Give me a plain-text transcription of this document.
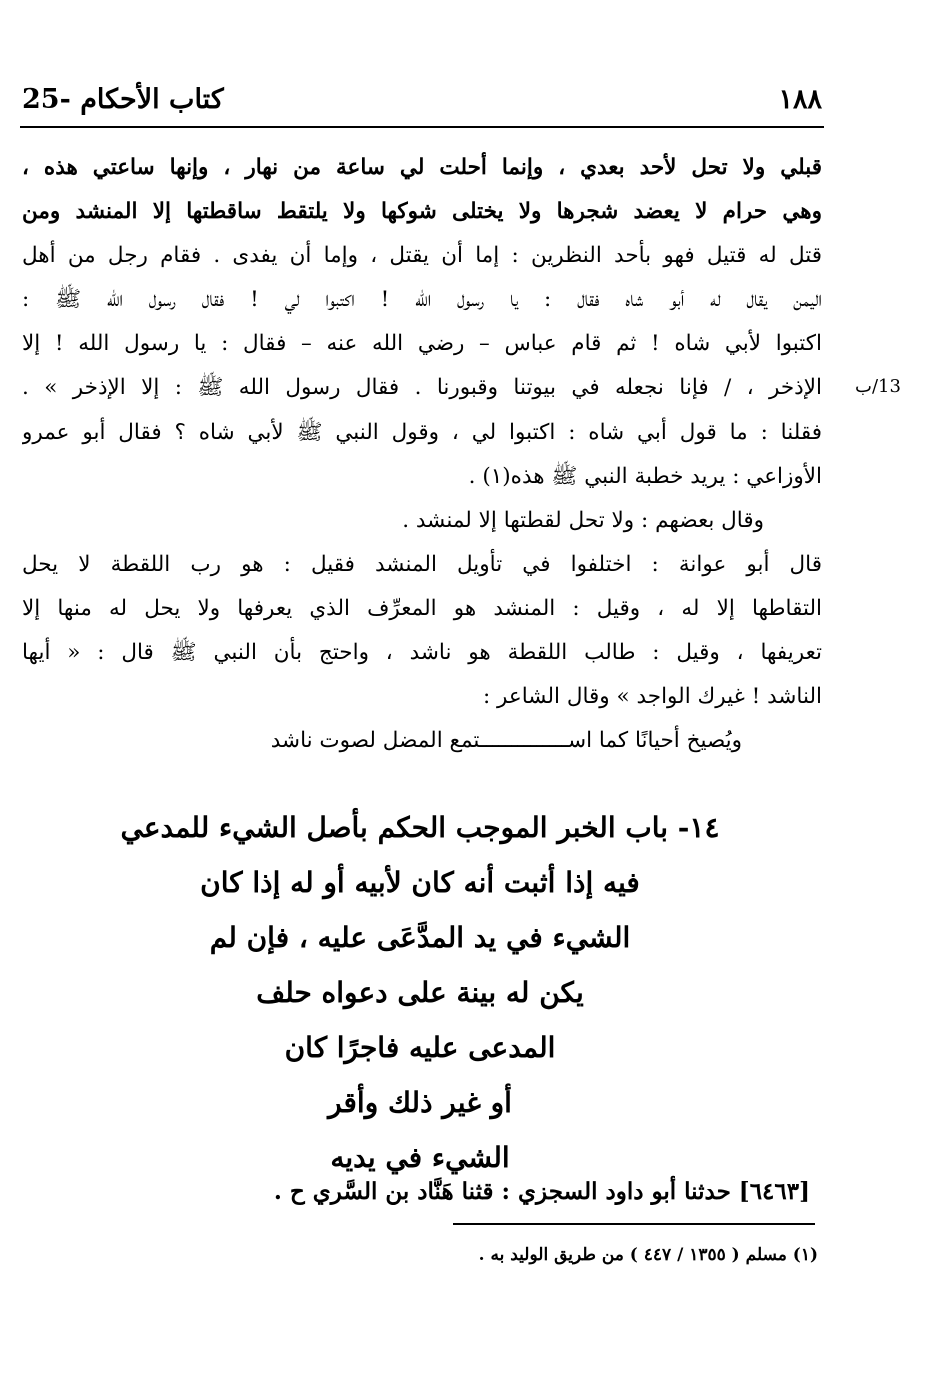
25- كتاب الأحكام	١٨٨
13/ب
قبلي ولا تحل لأحد بعدي ، وإنما أحلت لي ساعة من نهار ، وإنها ساعتي هذه ،
وهي حرام لا يعضد شجرها ولا يختلى شوكها ولا يلتقط ساقطتها إلا المنشد ومن
قتل له قتيل فهو بأحد النظرين : إما أن يقتل ، وإما أن يفدى . فقام رجل من أهل
اليمن يقال له أبو شاه فقال : يا رسول الله ! اكتبوا لي ! فقال رسول الله ﷺ :
اكتبوا لأبي شاه ! ثم قام عباس – رضي الله عنه – فقال : يا رسول الله ! إلا
الإذخر ، / فإنا نجعله في بيوتنا وقبورنا . فقال رسول الله ﷺ : إلا الإذخر » .
فقلنا : ما قول أبي شاه : اكتبوا لي ، وقول النبي ﷺ لأبي شاه ؟ فقال أبو عمرو
الأوزاعي : يريد خطبة النبي ﷺ هذه(١) .
وقال بعضهم : ولا تحل لقطتها إلا لمنشد .
قال أبو عوانة : اختلفوا في تأويل المنشد فقيل : هو رب اللقطة لا يحل
التقاطها إلا له ، وقيل : المنشد هو المعرِّف الذي يعرفها ولا يحل له منها إلا
تعريفها ، وقيل : طالب اللقطة هو ناشد ، واحتج بأن النبي ﷺ قال : « أيها
الناشد ! غيرك الواجد » وقال الشاعر :
ويُصيخ أحيانًا كما اســــــــــــــتمع المضل لصوت ناشد
١٤- باب الخبر الموجب الحكم بأصل الشيء للمدعي
فيه إذا أثبت أنه كان لأبيه أو له إذا كان
الشيء في يد المدَّعَى عليه ، فإن لم
يكن له بينة على دعواه حلف
المدعى عليه فاجرًا كان
أو غير ذلك وأقر
الشيء في يديه
[٦٤٦٣] حدثنا أبو داود السجزي : قثنا هَنَّاد بن السَّري ح .
(١) مسلم ( ١٣٥٥ / ٤٤٧ ) من طريق الوليد به .
